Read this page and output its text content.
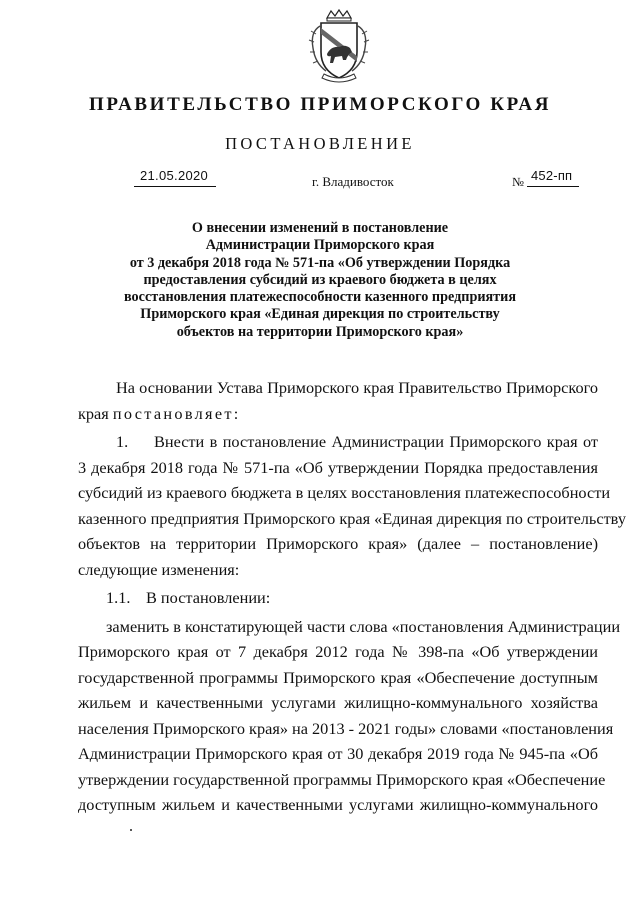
ПРАВИТЕЛЬСТВО ПРИМОРСКОГО КРАЯ
ПОСТАНОВЛЕНИЕ
21.05.2020	г. Владивосток	№ 452-пп
О внесении изменений в постановление
Администрации Приморского края
от 3 декабря 2018 года № 571-па «Об утверждении Порядка
предоставления субсидий из краевого бюджета в целях
восстановления платежеспособности казенного предприятия
Приморского края «Единая дирекция по строительству
объектов на территории Приморского края»
На основании Устава Приморского края Правительство Приморского
края постановляет:
1. Внести в постановление Администрации Приморского края от
3 декабря 2018 года № 571-па «Об утверждении Порядка предоставления
субсидий из краевого бюджета в целях восстановления платежеспособности
казенного предприятия Приморского края «Единая дирекция по строительству
объектов на территории Приморского края» (далее – постановление)
следующие изменения:
1.1. В постановлении:
заменить в констатирующей части слова «постановления Администрации
Приморского края от 7 декабря 2012 года № 398-па «Об утверждении
государственной программы Приморского края «Обеспечение доступным
жильем и качественными услугами жилищно-коммунального хозяйства
населения Приморского края» на 2013 - 2021 годы» словами «постановления
Администрации Приморского края от 30 декабря 2019 года № 945-па «Об
утверждении государственной программы Приморского края «Обеспечение
доступным жильем и качественными услугами жилищно-коммунального
